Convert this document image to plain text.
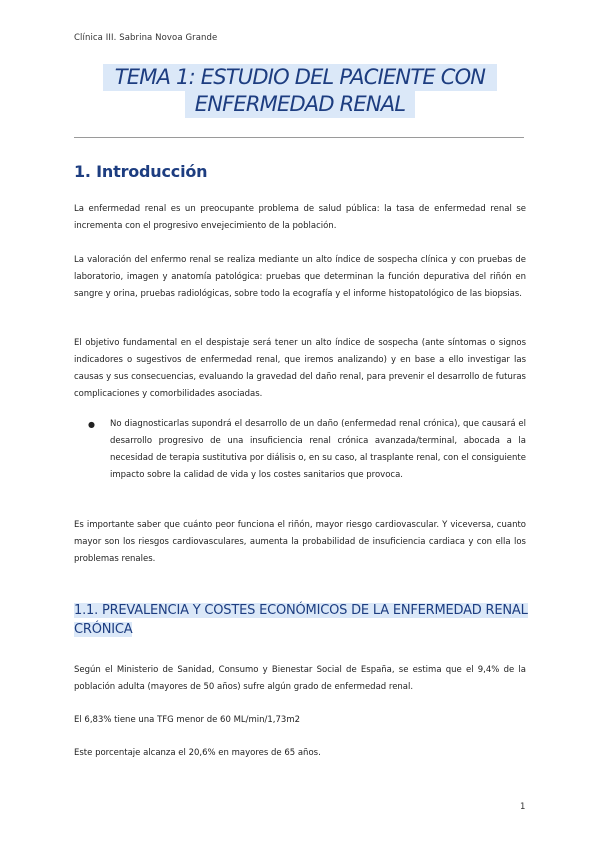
Clínica III. Sabrina Novoa Grande
TEMA 1: ESTUDIO DEL PACIENTE CON
ENFERMEDAD RENAL
1. Introducción

La enfermedad renal es un preocupante problema de salud pública: la tasa de enfermedad renal se incrementa con el progresivo envejecimiento de la población.

La valoración del enfermo renal se realiza mediante un alto índice de sospecha clínica y con pruebas de laboratorio, imagen y anatomía patológica: pruebas que determinan la función depurativa del riñón en sangre y orina, pruebas radiológicas, sobre todo la ecografía y el informe histopatológico de las biopsias.

El objetivo fundamental en el despistaje será tener un alto índice de sospecha (ante síntomas o signos indicadores o sugestivos de enfermedad renal, que iremos analizando) y en base a ello investigar las causas y sus consecuencias, evaluando la gravedad del daño renal, para prevenir el desarrollo de futuras complicaciones y comorbilidades asociadas.

● No diagnosticarlas supondrá el desarrollo de un daño (enfermedad renal crónica), que causará el desarrollo progresivo de una insuficiencia renal crónica avanzada/terminal, abocada a la necesidad de terapia sustitutiva por diálisis o, en su caso, al trasplante renal, con el consiguiente impacto sobre la calidad de vida y los costes sanitarios que provoca.

Es importante saber que cuánto peor funciona el riñón, mayor riesgo cardiovascular. Y viceversa, cuanto mayor son los riesgos cardiovasculares, aumenta la probabilidad de insuficiencia cardiaca y con ella los problemas renales.

1.1. PREVALENCIA Y COSTES ECONÓMICOS DE LA ENFERMEDAD RENAL CRÓNICA

Según el Ministerio de Sanidad, Consumo y Bienestar Social de España, se estima que el 9,4% de la población adulta (mayores de 50 años) sufre algún grado de enfermedad renal.

El 6,83% tiene una TFG menor de 60 ML/min/1,73m2

Este porcentaje alcanza el 20,6% en mayores de 65 años.

1
